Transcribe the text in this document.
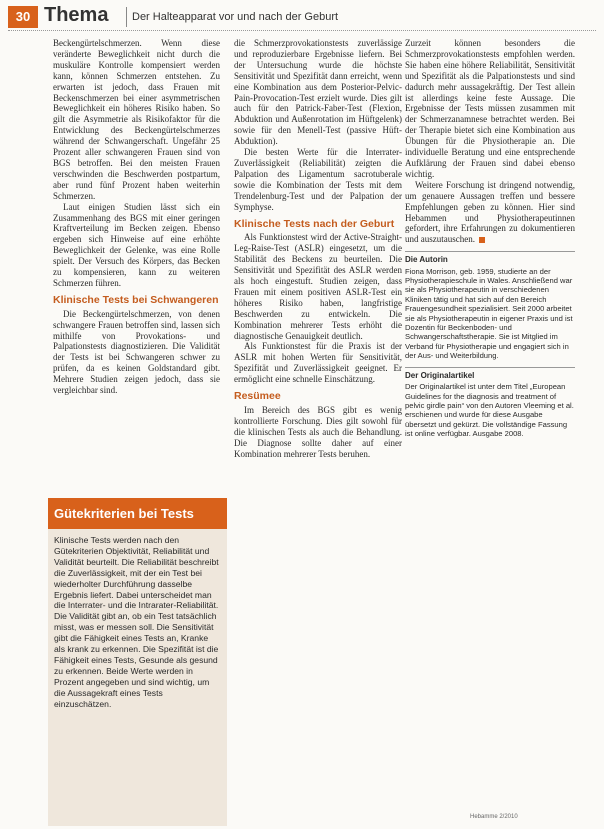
30 Thema Der Halteapparat vor und nach der Geburt

Beckengürtelschmerzen. Wenn diese veränderte Beweglichkeit nicht durch die muskuläre Kontrolle kompensiert werden kann, können Schmerzen entstehen. Zu erwarten ist jedoch, dass Frauen mit Beckenschmerzen bei einer asymmetrischen Beweglichkeit ein höheres Risiko haben. So gilt die Asymmetrie als Risikofaktor für die Entwicklung des Beckengürtelschmerzes während der Schwangerschaft. Ungefähr 25 Prozent aller schwangeren Frauen sind von BGS betroffen. Bei den meisten Frauen verschwinden die Beschwerden postpartum, aber rund fünf Prozent haben weiterhin Schmerzen.

Laut einigen Studien lässt sich ein Zusammenhang des BGS mit einer geringen Kraftverteilung im Becken zeigen. Ebenso ergeben sich Hinweise auf eine erhöhte Beweglichkeit der Gelenke, was eine Rolle spielt. Der Versuch des Körpers, das Becken zu kompensieren, kann zu weiteren Schmerzen führen.

Klinische Tests bei Schwangeren

Die Beckengürtelschmerzen, von denen schwangere Frauen betroffen sind, lassen sich mithilfe von Provokations- und Palpationstests diagnostizieren. Die Validität der Tests ist bei Schwangeren schwer zu prüfen, da es keinen Goldstandard gibt. Mehrere Studien zeigen jedoch, dass sie vergleichbar sind.

Gütekriterien bei Tests
Klinische Tests werden nach den Gütekriterien Objektivität, Reliabilität und Validität beurteilt. Die Reliabilität beschreibt die Zuverlässigkeit, mit der ein Test bei wiederholter Durchführung dasselbe Ergebnis liefert. Dabei unterscheidet man die Interrater- und die Intrarater-Reliabilität. Die Validität gibt an, ob ein Test tatsächlich misst, was er messen soll. Die Sensitivität gibt die Fähigkeit eines Tests an, Kranke als krank zu erkennen. Die Spezifität ist die Fähigkeit eines Tests, Gesunde als gesund zu erkennen. Beide Werte werden in Prozent angegeben und sind wichtig, um die Aussagekraft eines Tests einzuschätzen.

die Schmerzprovokationstests zuverlässige und reproduzierbare Ergebnisse liefern. Bei der Untersuchung wurde die höchste Sensitivität und Spezifität dann erreicht, wenn eine Kombination aus dem Posterior-Pelvic-Pain-Provocation-Test erzielt wurde. Dies gilt auch für den Patrick-Faber-Test (Flexion, Abduktion und Außenrotation im Hüftgelenk) sowie für den Menell-Test (passive Hüft-Abduktion).

Die besten Werte für die Interrater-Zuverlässigkeit (Reliabilität) zeigten die Palpation des Ligamentum sacrotuberale sowie die Kombination der Tests mit dem Trendelenburg-Test und der Palpation der Symphyse.

Klinische Tests nach der Geburt

Als Funktionstest wird der Active-Straight-Leg-Raise-Test (ASLR) eingesetzt, um die Stabilität des Beckens zu beurteilen. Die Sensitivität und Spezifität des ASLR werden als hoch eingestuft. Studien zeigen, dass Frauen mit einem positiven ASLR-Test ein höheres Risiko haben, langfristige Beschwerden zu entwickeln. Die Kombination mehrerer Tests erhöht die diagnostische Genauigkeit deutlich.

Als Funktionstest für die Praxis ist der ASLR mit hohen Werten für Sensitivität, Spezifität und Zuverlässigkeit geeignet. Er ermöglicht eine schnelle Einschätzung.

Resümee

Im Bereich des BGS gibt es wenig kontrollierte Forschung. Dies gilt sowohl für die klinischen Tests als auch die Behandlung. Die Diagnose sollte daher auf einer Kombination mehrerer Tests beruhen.

Zurzeit können besonders die Schmerzprovokationstests empfohlen werden. Sie haben eine höhere Reliabilität, Sensitivität und Spezifität als die Palpationstests und sind dadurch mehr aussagekräftig. Der Test allein ist allerdings keine feste Aussage. Die Ergebnisse der Tests müssen zusammen mit der Schmerzanamnese betrachtet werden. Bei der Therapie bietet sich eine Kombination aus Übungen für die Physiotherapie an. Die individuelle Beratung und eine entsprechende Aufklärung der Frauen sind dabei ebenso wichtig.

Weitere Forschung ist dringend notwendig, um genauere Aussagen treffen und bessere Empfehlungen geben zu können. Hier sind Hebammen und Physiotherapeutinnen gefordert, ihre Erfahrungen zu dokumentieren und auszutauschen.

Die Autorin
Fiona Morrison, geb. 1959, studierte an der Physiotherapieschule in Wales. Anschließend war sie als Physiotherapeutin in verschiedenen Kliniken tätig und hat sich auf den Bereich Frauengesundheit spezialisiert. Seit 2000 arbeitet sie als Physiotherapeutin in eigener Praxis und ist Dozentin für Beckenboden- und Schwangerschaftstherapie. Sie ist Mitglied im Verband für Physiotherapie und engagiert sich in der Aus- und Weiterbildung.
Der Originalartikel
Der Originalartikel ist unter dem Titel „European Guidelines for the diagnosis and treatment of pelvic girdle pain“ von den Autoren Vleeming et al. erschienen und wurde für diese Ausgabe übersetzt und gekürzt. Die vollständige Fassung ist online verfügbar. Ausgabe 2008.
Hebamme 2/2010
